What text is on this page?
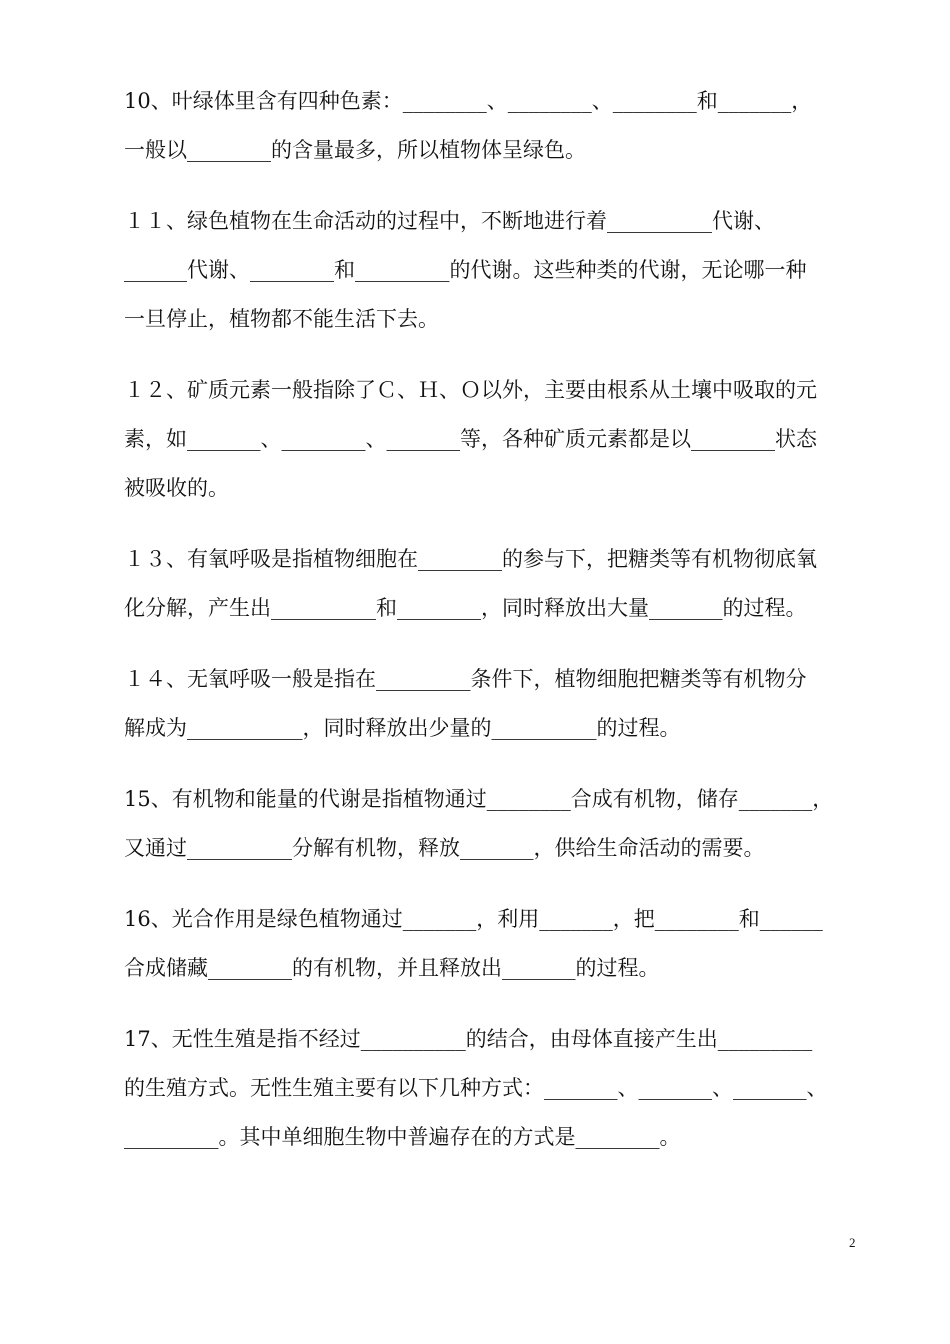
10、叶绿体里含有四种色素：________、________、________和_______，

一般以________的含量最多，所以植物体呈绿色。

１１、绿色植物在生命活动的过程中，不断地进行着__________代谢、

______代谢、________和_________的代谢。这些种类的代谢，无论哪一种

一旦停止，植物都不能生活下去。

１２、矿质元素一般指除了Ｃ、Ｈ、Ｏ以外，主要由根系从土壤中吸取的元

素，如_______、________、_______等，各种矿质元素都是以________状态

被吸收的。

１３、有氧呼吸是指植物细胞在________的参与下，把糖类等有机物彻底氧

化分解，产生出__________和________，同时释放出大量_______的过程。

１４、无氧呼吸一般是指在_________条件下，植物细胞把糖类等有机物分

解成为___________，同时释放出少量的__________的过程。

15、有机物和能量的代谢是指植物通过________合成有机物，储存_______，

又通过__________分解有机物，释放_______，供给生命活动的需要。

16、光合作用是绿色植物通过_______，利用_______，把________和______

合成储藏________的有机物，并且释放出_______的过程。

17、无性生殖是指不经过__________的结合，由母体直接产生出_________

的生殖方式。无性生殖主要有以下几种方式：_______、_______、_______、

_________。其中单细胞生物中普遍存在的方式是________。

2
